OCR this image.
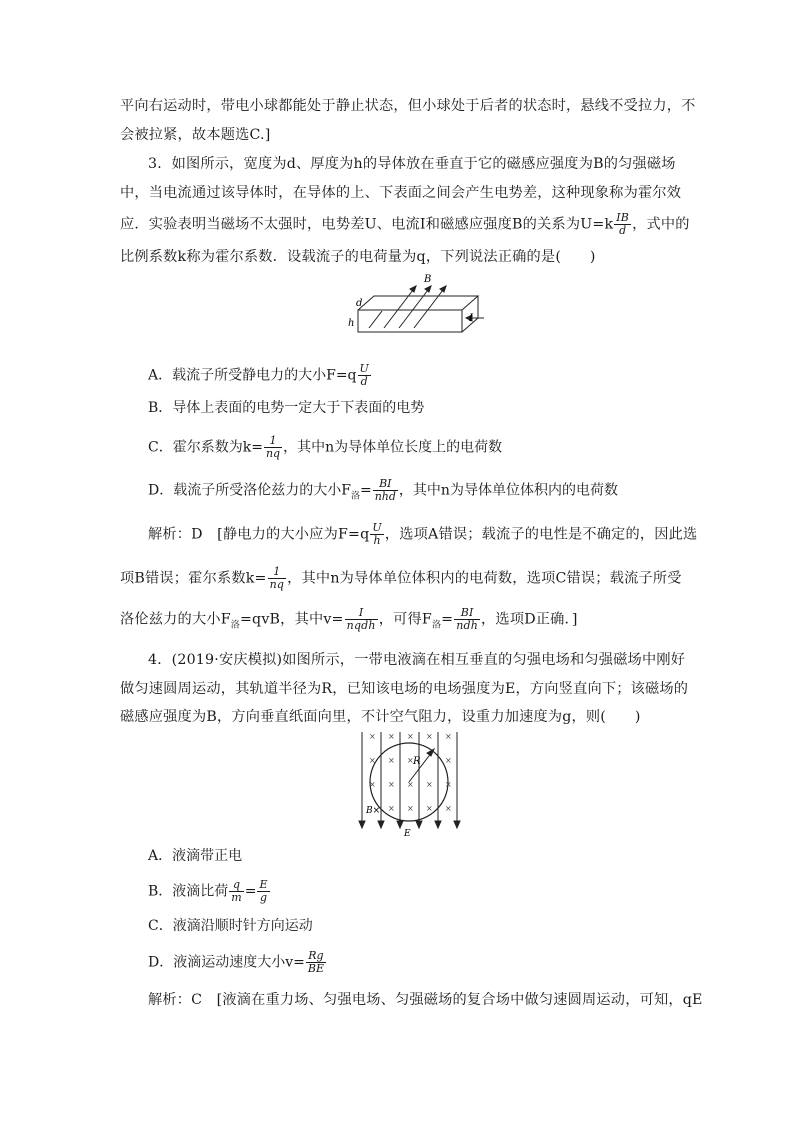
平向右运动时，带电小球都能处于静止状态，但小球处于后者的状态时，悬线不受拉力，不
会被拉紧，故本题选C.]
3．如图所示，宽度为d、厚度为h的导体放在垂直于它的磁感应强度为B的匀强磁场
中，当电流通过该导体时，在导体的上、下表面之间会产生电势差，这种现象称为霍尔效
应．实验表明当磁场不太强时，电势差U、电流I和磁感应强度B的关系为$U=k \frac{IB}{d}$ ，式中的
比例系数k称为霍尔系数．设载流子的电荷量为q，下列说法正确的是(　　)
B
d
h	I
A．载流子所受静电力的大小$F=q \frac{U}{d}$
B．导体上表面的电势一定大于下表面的电势
C．霍尔系数为$k= \frac{1}{nq}$ ，其中n为导体单位长度上的电荷数
D．载流子所受洛伦兹力的大小$F_洛= \frac{BI}{\text{nhd}}$ ，其中n为导体单位体积内的电荷数
解析：D　[静电力的大小应为$F=q \frac{U}{h}$ ，选项A错误；载流子的电性是不确定的，因此选
项B错误；霍尔系数$k= \frac{1}{nq}$ ，其中n为导体单位体积内的电荷数，选项C错误；载流子所受
洛伦兹力的大小$F_洛=qvB$，其中$v= \frac{I}{\text{nqdh}}$ ，可得$F_洛= \frac{BI}{\text{ndh}}$ ，选项D正确．]
4．(2019·安庆模拟)如图所示，一带电液滴在相互垂直的匀强电场和匀强磁场中刚好
做匀速圆周运动，其轨道半径为R，已知该电场的电场强度为E，方向竖直向下；该磁场的
磁感应强度为B，方向垂直纸面向里，不计空气阻力，设重力加速度为g，则(　　)
× × × × ×
× × ×	×
× × × × ×
× × × ×
R
B×
E
A．液滴带正电
B．液滴比荷 $\frac{q}{m} = \frac{E}{g}$
C．液滴沿顺时针方向运动
D．液滴运动速度大小$v= \frac{Rg}{BE}$
解析：C　[液滴在重力场、匀强电场、匀强磁场的复合场中做匀速圆周运动，可知，qE
